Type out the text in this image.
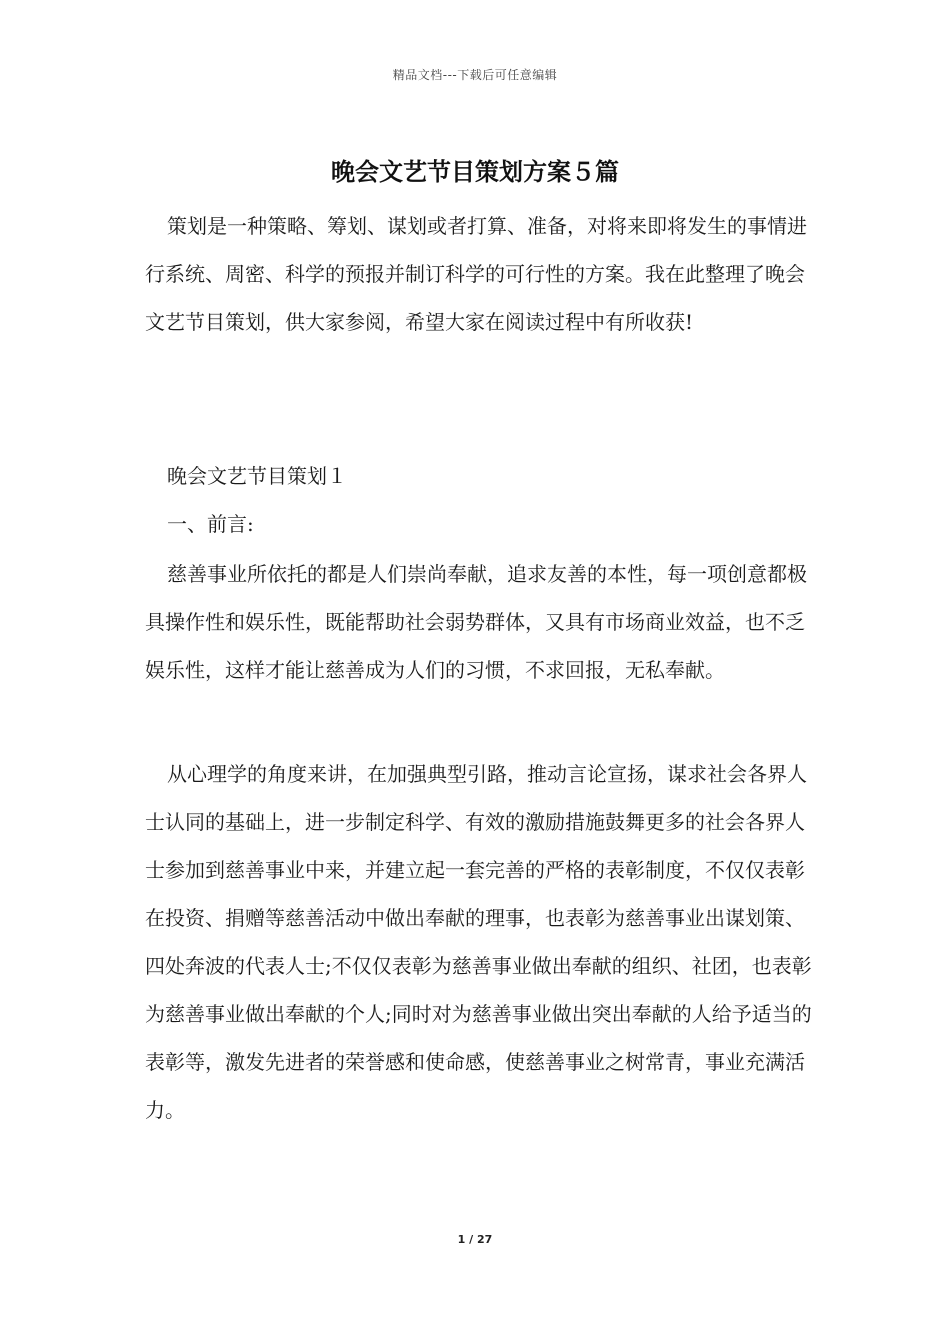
精品文档---下载后可任意编辑
晚会文艺节目策划方案５篇

策划是一种策略、筹划、谋划或者打算、准备，对将来即将发生的事情进行系统、周密、科学的预报并制订科学的可行性的方案。我在此整理了晚会文艺节目策划，供大家参阅，希望大家在阅读过程中有所收获!

晚会文艺节目策划１

一、前言:

慈善事业所依托的都是人们崇尚奉献，追求友善的本性，每一项创意都极具操作性和娱乐性，既能帮助社会弱势群体，又具有市场商业效益，也不乏娱乐性，这样才能让慈善成为人们的习惯，不求回报，无私奉献。

从心理学的角度来讲，在加强典型引路，推动言论宣扬，谋求社会各界人士认同的基础上，进一步制定科学、有效的激励措施鼓舞更多的社会各界人士参加到慈善事业中来，并建立起一套完善的严格的表彰制度，不仅仅表彰在投资、捐赠等慈善活动中做出奉献的理事，也表彰为慈善事业出谋划策、四处奔波的代表人士;不仅仅表彰为慈善事业做出奉献的组织、社团，也表彰为慈善事业做出奉献的个人;同时对为慈善事业做出突出奉献的人给予适当的表彰等，激发先进者的荣誉感和使命感，使慈善事业之树常青，事业充满活力。

1 / 27
